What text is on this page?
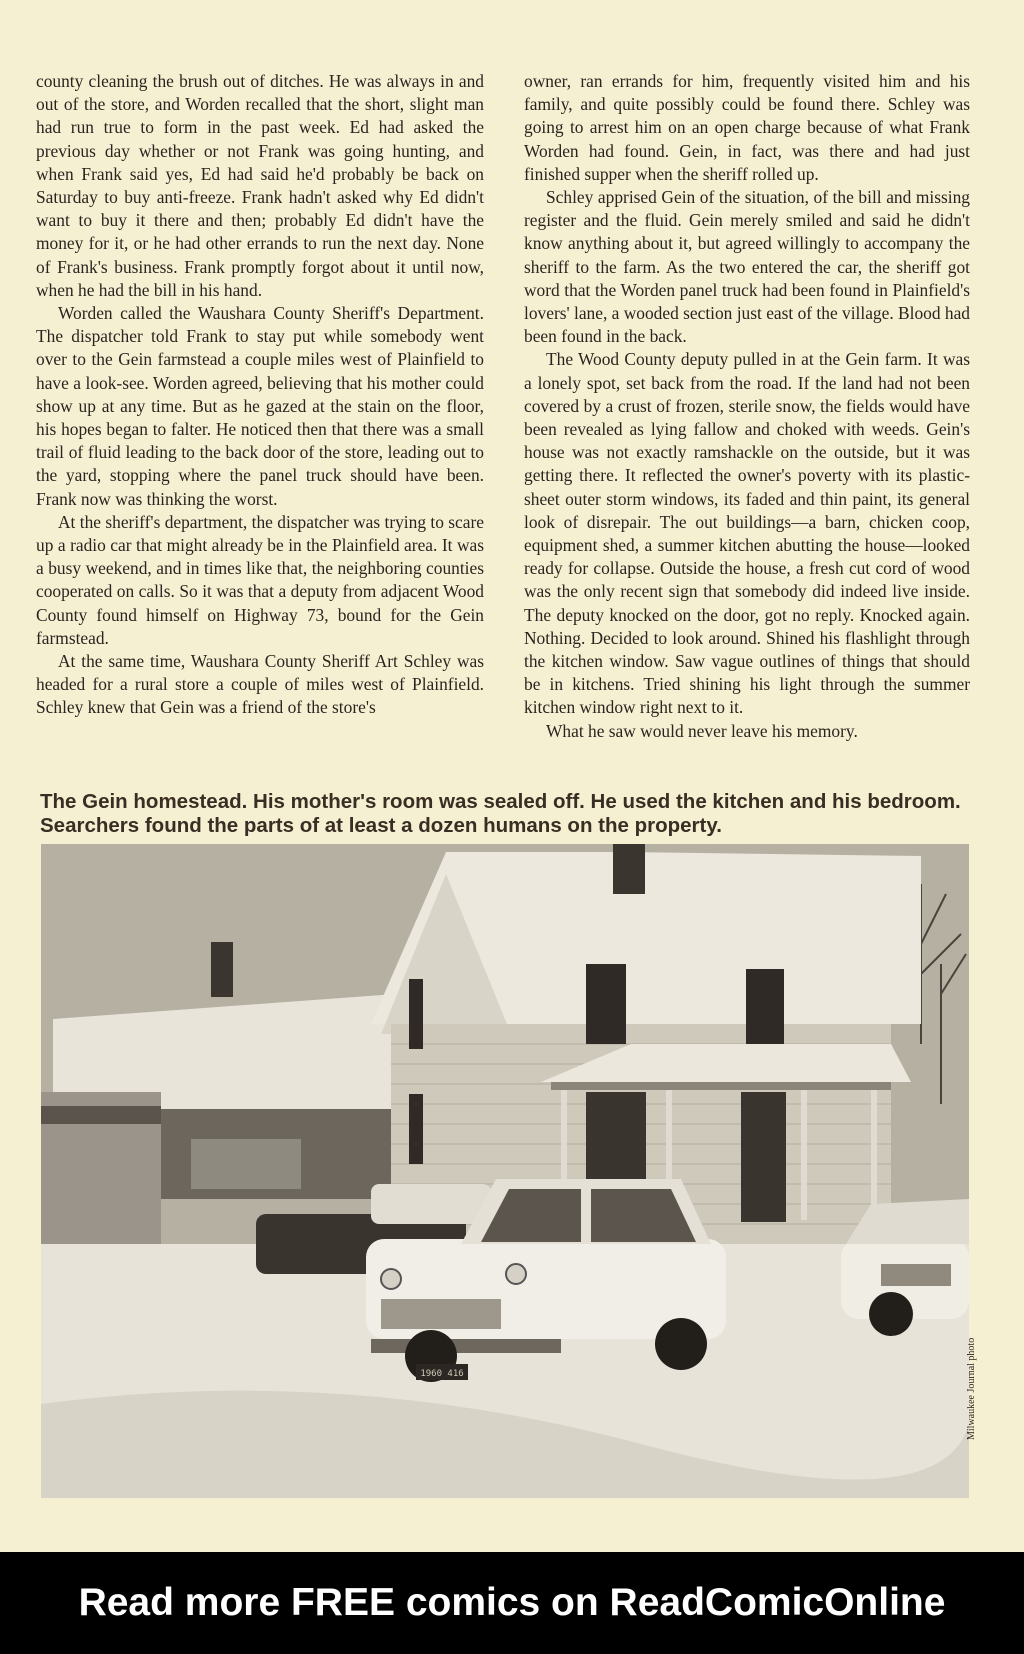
county cleaning the brush out of ditches. He was always in and out of the store, and Worden recalled that the short, slight man had run true to form in the past week. Ed had asked the previous day whether or not Frank was going hunting, and when Frank said yes, Ed had said he'd probably be back on Saturday to buy anti-freeze. Frank hadn't asked why Ed didn't want to buy it there and then; probably Ed didn't have the money for it, or he had other errands to run the next day. None of Frank's business. Frank promptly forgot about it until now, when he had the bill in his hand.

Worden called the Waushara County Sheriff's Department. The dispatcher told Frank to stay put while somebody went over to the Gein farmstead a couple miles west of Plainfield to have a look-see. Worden agreed, believing that his mother could show up at any time. But as he gazed at the stain on the floor, his hopes began to falter. He noticed then that there was a small trail of fluid leading to the back door of the store, leading out to the yard, stopping where the panel truck should have been. Frank now was thinking the worst.

At the sheriff's department, the dispatcher was trying to scare up a radio car that might already be in the Plainfield area. It was a busy weekend, and in times like that, the neighboring counties cooperated on calls. So it was that a deputy from adjacent Wood County found himself on Highway 73, bound for the Gein farmstead.

At the same time, Waushara County Sheriff Art Schley was headed for a rural store a couple of miles west of Plainfield. Schley knew that Gein was a friend of the store's

owner, ran errands for him, frequently visited him and his family, and quite possibly could be found there. Schley was going to arrest him on an open charge because of what Frank Worden had found. Gein, in fact, was there and had just finished supper when the sheriff rolled up.

Schley apprised Gein of the situation, of the bill and missing register and the fluid. Gein merely smiled and said he didn't know anything about it, but agreed willingly to accompany the sheriff to the farm. As the two entered the car, the sheriff got word that the Worden panel truck had been found in Plainfield's lovers' lane, a wooded section just east of the village. Blood had been found in the back.

The Wood County deputy pulled in at the Gein farm. It was a lonely spot, set back from the road. If the land had not been covered by a crust of frozen, sterile snow, the fields would have been revealed as lying fallow and choked with weeds. Gein's house was not exactly ramshackle on the outside, but it was getting there. It reflected the owner's poverty with its plastic-sheet outer storm windows, its faded and thin paint, its general look of disrepair. The out buildings—a barn, chicken coop, equipment shed, a summer kitchen abutting the house—looked ready for collapse. Outside the house, a fresh cut cord of wood was the only recent sign that somebody did indeed live inside. The deputy knocked on the door, got no reply. Knocked again. Nothing. Decided to look around. Shined his flashlight through the kitchen window. Saw vague outlines of things that should be in kitchens. Tried shining his light through the summer kitchen window right next to it.

What he saw would never leave his memory.

The Gein homestead. His mother's room was sealed off. He used the kitchen and his bedroom. Searchers found the parts of at least a dozen humans on the property.

1960 416	Milwaukee Journal photo
Read more FREE comics on ReadComicOnline
